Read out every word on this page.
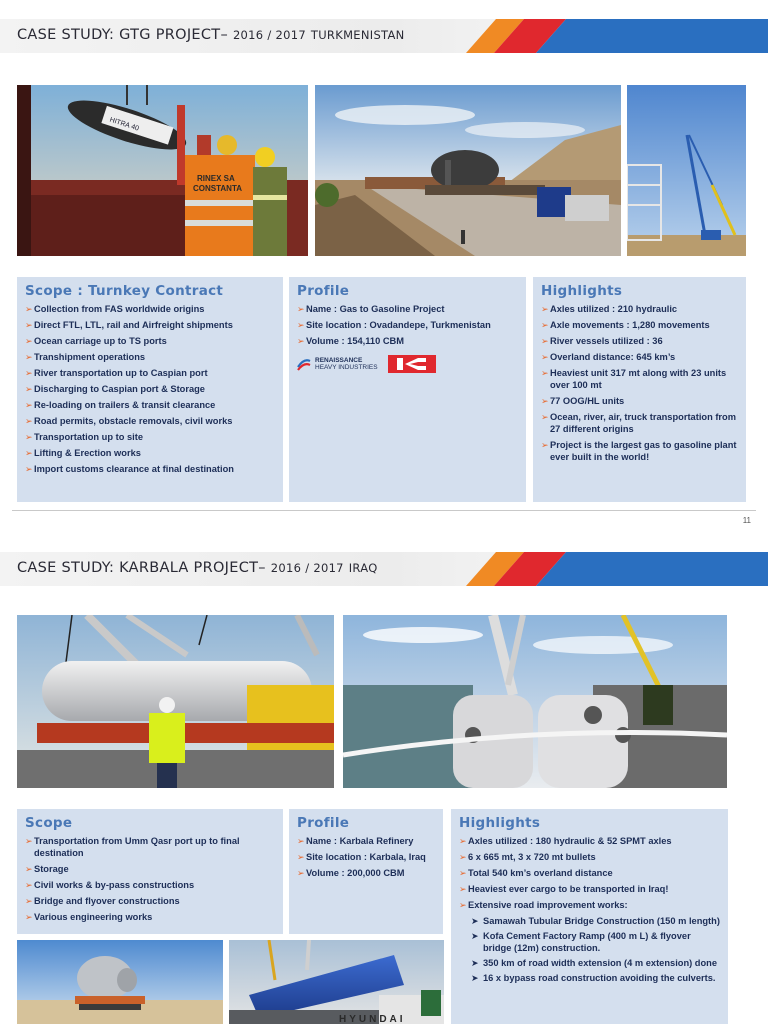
CASE STUDY: GTG PROJECT– 2016 / 2017 TURKMENISTAN
HITRA 40
RINEX SA
CONSTANTA
Scope : Turnkey Contract
➢ Collection from FAS worldwide origins
➢ Direct FTL, LTL, rail and Airfreight shipments
➢ Ocean carriage up to TS ports
➢ Transhipment operations
➢ River transportation up to Caspian port
➢ Discharging to Caspian port & Storage
➢ Re-loading on trailers & transit clearance
➢ Road permits, obstacle removals, civil works
➢ Transportation up to site
➢ Lifting & Erection works
➢ Import customs clearance at final destination
Profile
➢ Name : Gas to Gasoline Project
➢ Site location : Ovadandepe, Turkmenistan
➢ Volume : 154,110 CBM
RENAISSANCE
HEAVY INDUSTRIES
Highlights
➢ Axles utilized : 210 hydraulic
➢ Axle movements : 1,280 movements
➢ River vessels utilized : 36
➢ Overland distance: 645 km’s
➢ Heaviest unit 317 mt along with 23 units over 100 mt
➢ 77 OOG/HL units
➢ Ocean, river, air, truck transportation from 27 different origins
➢ Project is the largest gas to gasoline plant ever built in the world!
11
CASE STUDY: KARBALA PROJECT– 2016 / 2017 IRAQ
Scope
➢ Transportation from Umm Qasr port up to final destination
➢ Storage
➢ Civil works & by-pass constructions
➢ Bridge and flyover constructions
➢ Various engineering works
Profile
➢ Name : Karbala Refinery
➢ Site location : Karbala, Iraq
➢ Volume : 200,000 CBM
Highlights
➢ Axles utilized : 180 hydraulic & 52 SPMT axles
➢ 6 x 665 mt, 3 x 720 mt bullets
➢ Total 540 km’s overland distance
➢ Heaviest ever cargo to be transported in Iraq!
➢ Extensive road improvement works:
➤ Samawah Tubular Bridge Construction (150 m length)
➤ Kofa Cement Factory Ramp (400 m L) & flyover bridge (12m) construction.
➤ 350 km of road width extension (4 m extension) done
➤ 16 x bypass road construction avoiding the culverts.
HYUNDAI
